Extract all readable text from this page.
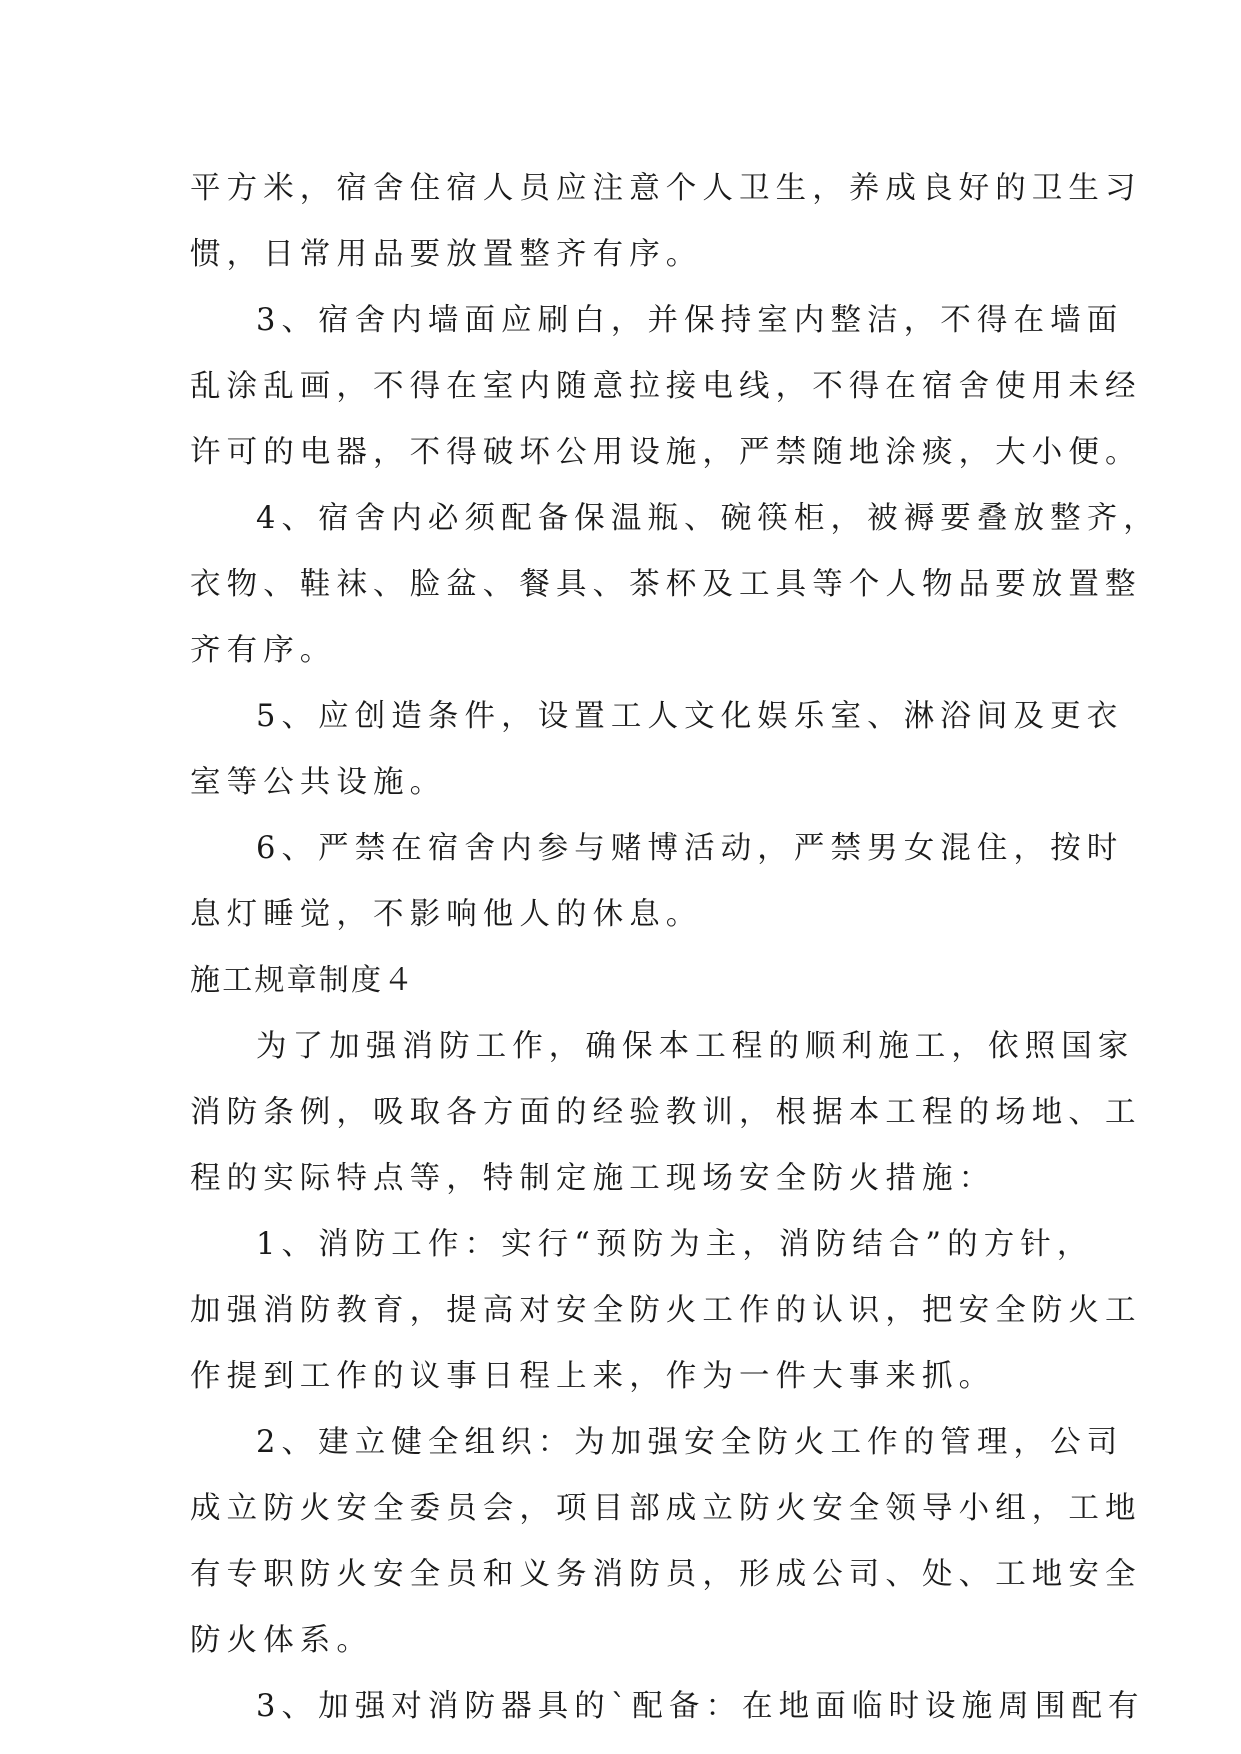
平方米，宿舍住宿人员应注意个人卫生，养成良好的卫生习
惯，日常用品要放置整齐有序。
3、宿舍内墙面应刷白，并保持室内整洁，不得在墙面
乱涂乱画，不得在室内随意拉接电线，不得在宿舍使用未经
许可的电器，不得破坏公用设施，严禁随地涂痰，大小便。
4、宿舍内必须配备保温瓶、碗筷柜，被褥要叠放整齐，
衣物、鞋袜、脸盆、餐具、茶杯及工具等个人物品要放置整
齐有序。
5、应创造条件，设置工人文化娱乐室、淋浴间及更衣
室等公共设施。
6、严禁在宿舍内参与赌博活动，严禁男女混住，按时
息灯睡觉，不影响他人的休息。
施工规章制度４
为了加强消防工作，确保本工程的顺利施工，依照国家
消防条例，吸取各方面的经验教训，根据本工程的场地、工
程的实际特点等，特制定施工现场安全防火措施：
1、消防工作：实行“预防为主，消防结合”的方针，
加强消防教育，提高对安全防火工作的认识，把安全防火工
作提到工作的议事日程上来，作为一件大事来抓。
2、建立健全组织：为加强安全防火工作的管理，公司
成立防火安全委员会，项目部成立防火安全领导小组，工地
有专职防火安全员和义务消防员，形成公司、处、工地安全
防火体系。
3、加强对消防器具的`配备：在地面临时设施周围配有
